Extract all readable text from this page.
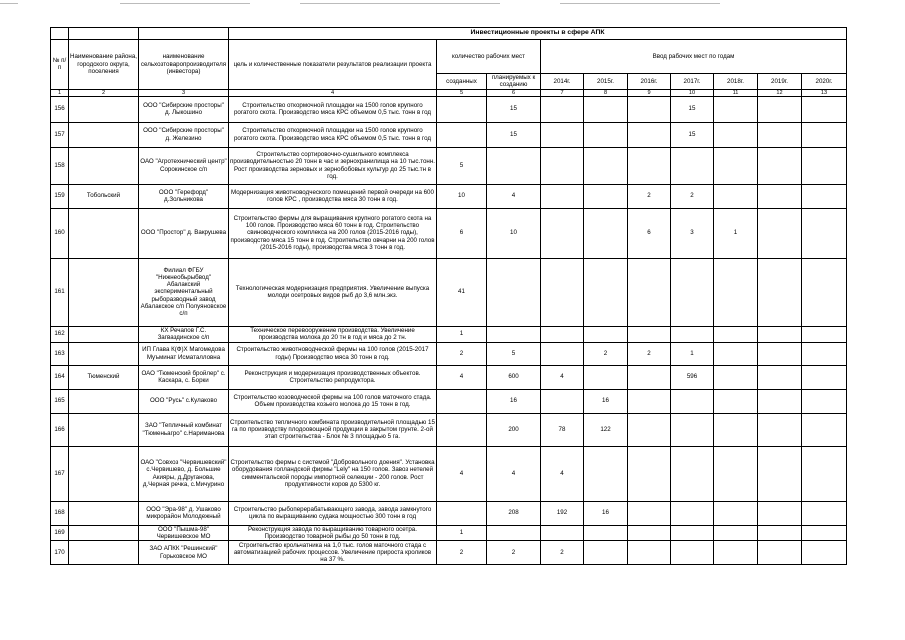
			Инвестиционные проекты в сфере АПК									
№ п/п	Наименование района, городского округа, поселения	наименование сельхозтоваропроизводителя (инвестора)	цель и количественные показатели результатов реализации проекта	количество рабочих мест		Ввод рабочих мест по годам						
				созданных	планируемых к созданию	2014г.	2015г.	2016г.	2017г.	2018г.	2019г.	2020г.
1	2	3	4	5	6	7	8	9	10	11	12	13
156		ООО "Сибирские просторы" д. Лыкошино	Строительство откормочной площадки на 1500 голов крупного рогатого скота. Производство мяса КРС объемом 0,5 тыс. тонн в год		15				15			
157		ООО "Сибирские просторы" д. Железино	Строительство откормочной площадки на 1500 голов крупного рогатого скота. Производство мяса КРС объемом 0,5 тыс. тонн в год		15				15			
158		ОАО "Агротехнический центр" Сорокинское с/п	Строительство сортировочно-сушильного комплекса производительностью 20 тонн в час и зернохранилища на 10 тыс.тонн. Рост производства зерновых и зернобобовых культур до 25 тыс.тн в год.	5								
159	Тобольский	ООО "Герефорд" д.Зольникова	Модернизация животноводческого помещений первой очереди на 600 голов КРС , производства мяса 30 тонн в год.	10	4			2	2			
160		ООО "Простор" д. Вакрушева	Строительство фермы для выращивания крупного рогатого скота на 100 голов. Производство мяса 60 тонн в год. Строительство свиноводческого комплекса на 200 голов (2015-2016 годы), производство мяса 15 тонн в год. Строительство овчарни на 200 голов (2015-2016 годы), производства мяса 3 тонн в год.	6	10			6	3	1		
161		Филиал ФГБУ "Нижнеобьрыбвод" Абалакский экспериментальный рыборазводный завод Абалакское с/п Полуяновское с/п	Технологическая модернизация предприятия. Увеличение выпуска молоди осетровых видов рыб до 3,6 млн.экз.	41								
162		КХ Речапов Г.С. Загваздинское с/п	Техническое перевооружение производства. Увеличение производства молока до 20 тн в год и мяса до 2 тн.	1								
163		ИП Глава К(Ф)Х Магомедова Муъминат Исматалловна	Строительство животноводческой фермы на 100 голов (2015-2017 годы) Производство мяса 30 тонн в год.	2	5		2	2	1			
164	Тюменский	ОАО "Тюменский бройлер" с. Каскара, с. Борки	Реконструкция и модернизация производственных объектов. Строительство репродуктора.	4	600	4			596			
165		ООО "Русь" с.Кулаково	Строительство козоводческой фермы на 100 голов маточного стада. Объем производства козьего молока до 15 тонн в год.		16		16					
166		ЗАО "Тепличный комбинат "Тюменьагро" с.Нариманова	Строительство тепличного комбината производительной площадью 15 га по производству плодоовощной продукции в закрытом грунте. 2-ой этап строительства - Блок № 3 площадью 5 га.		200	78	122					
167		ОАО "Совхоз "Червишевский" с.Червишево, д. Большие Акияры, д.Друганова, д.Черная речка, с.Мичурино	Строительство фермы с системой "Добровольного доения". Установка оборудования голландской фирмы "Lely" на 150 голов. Завоз нетелей симментальской породы импортной селекции - 200 голов. Рост продуктивности коров до 5300 кг.	4	4	4						
168		ООО "Эра-98" д. Ушаково микрорайон Молодежный	Строительство рыбоперерабатывающего завода, завода замкнутого цикла по выращиванию судака мощностью 300 тонн в год		208	192	16					
169		ООО "Пышма-98" Червишевское МО	Реконструкция завода по выращиванию товарного осетра. Производство товарной рыбы до 50 тонн в год.	1								
170		ЗАО АПКК "Решинский" Горьковское МО	Строительство крольчатника на 1,0 тыс. голов маточного стада с автоматизацией рабочих процессов. Увеличение прироста кроликов на 37 %.	2	2	2						
